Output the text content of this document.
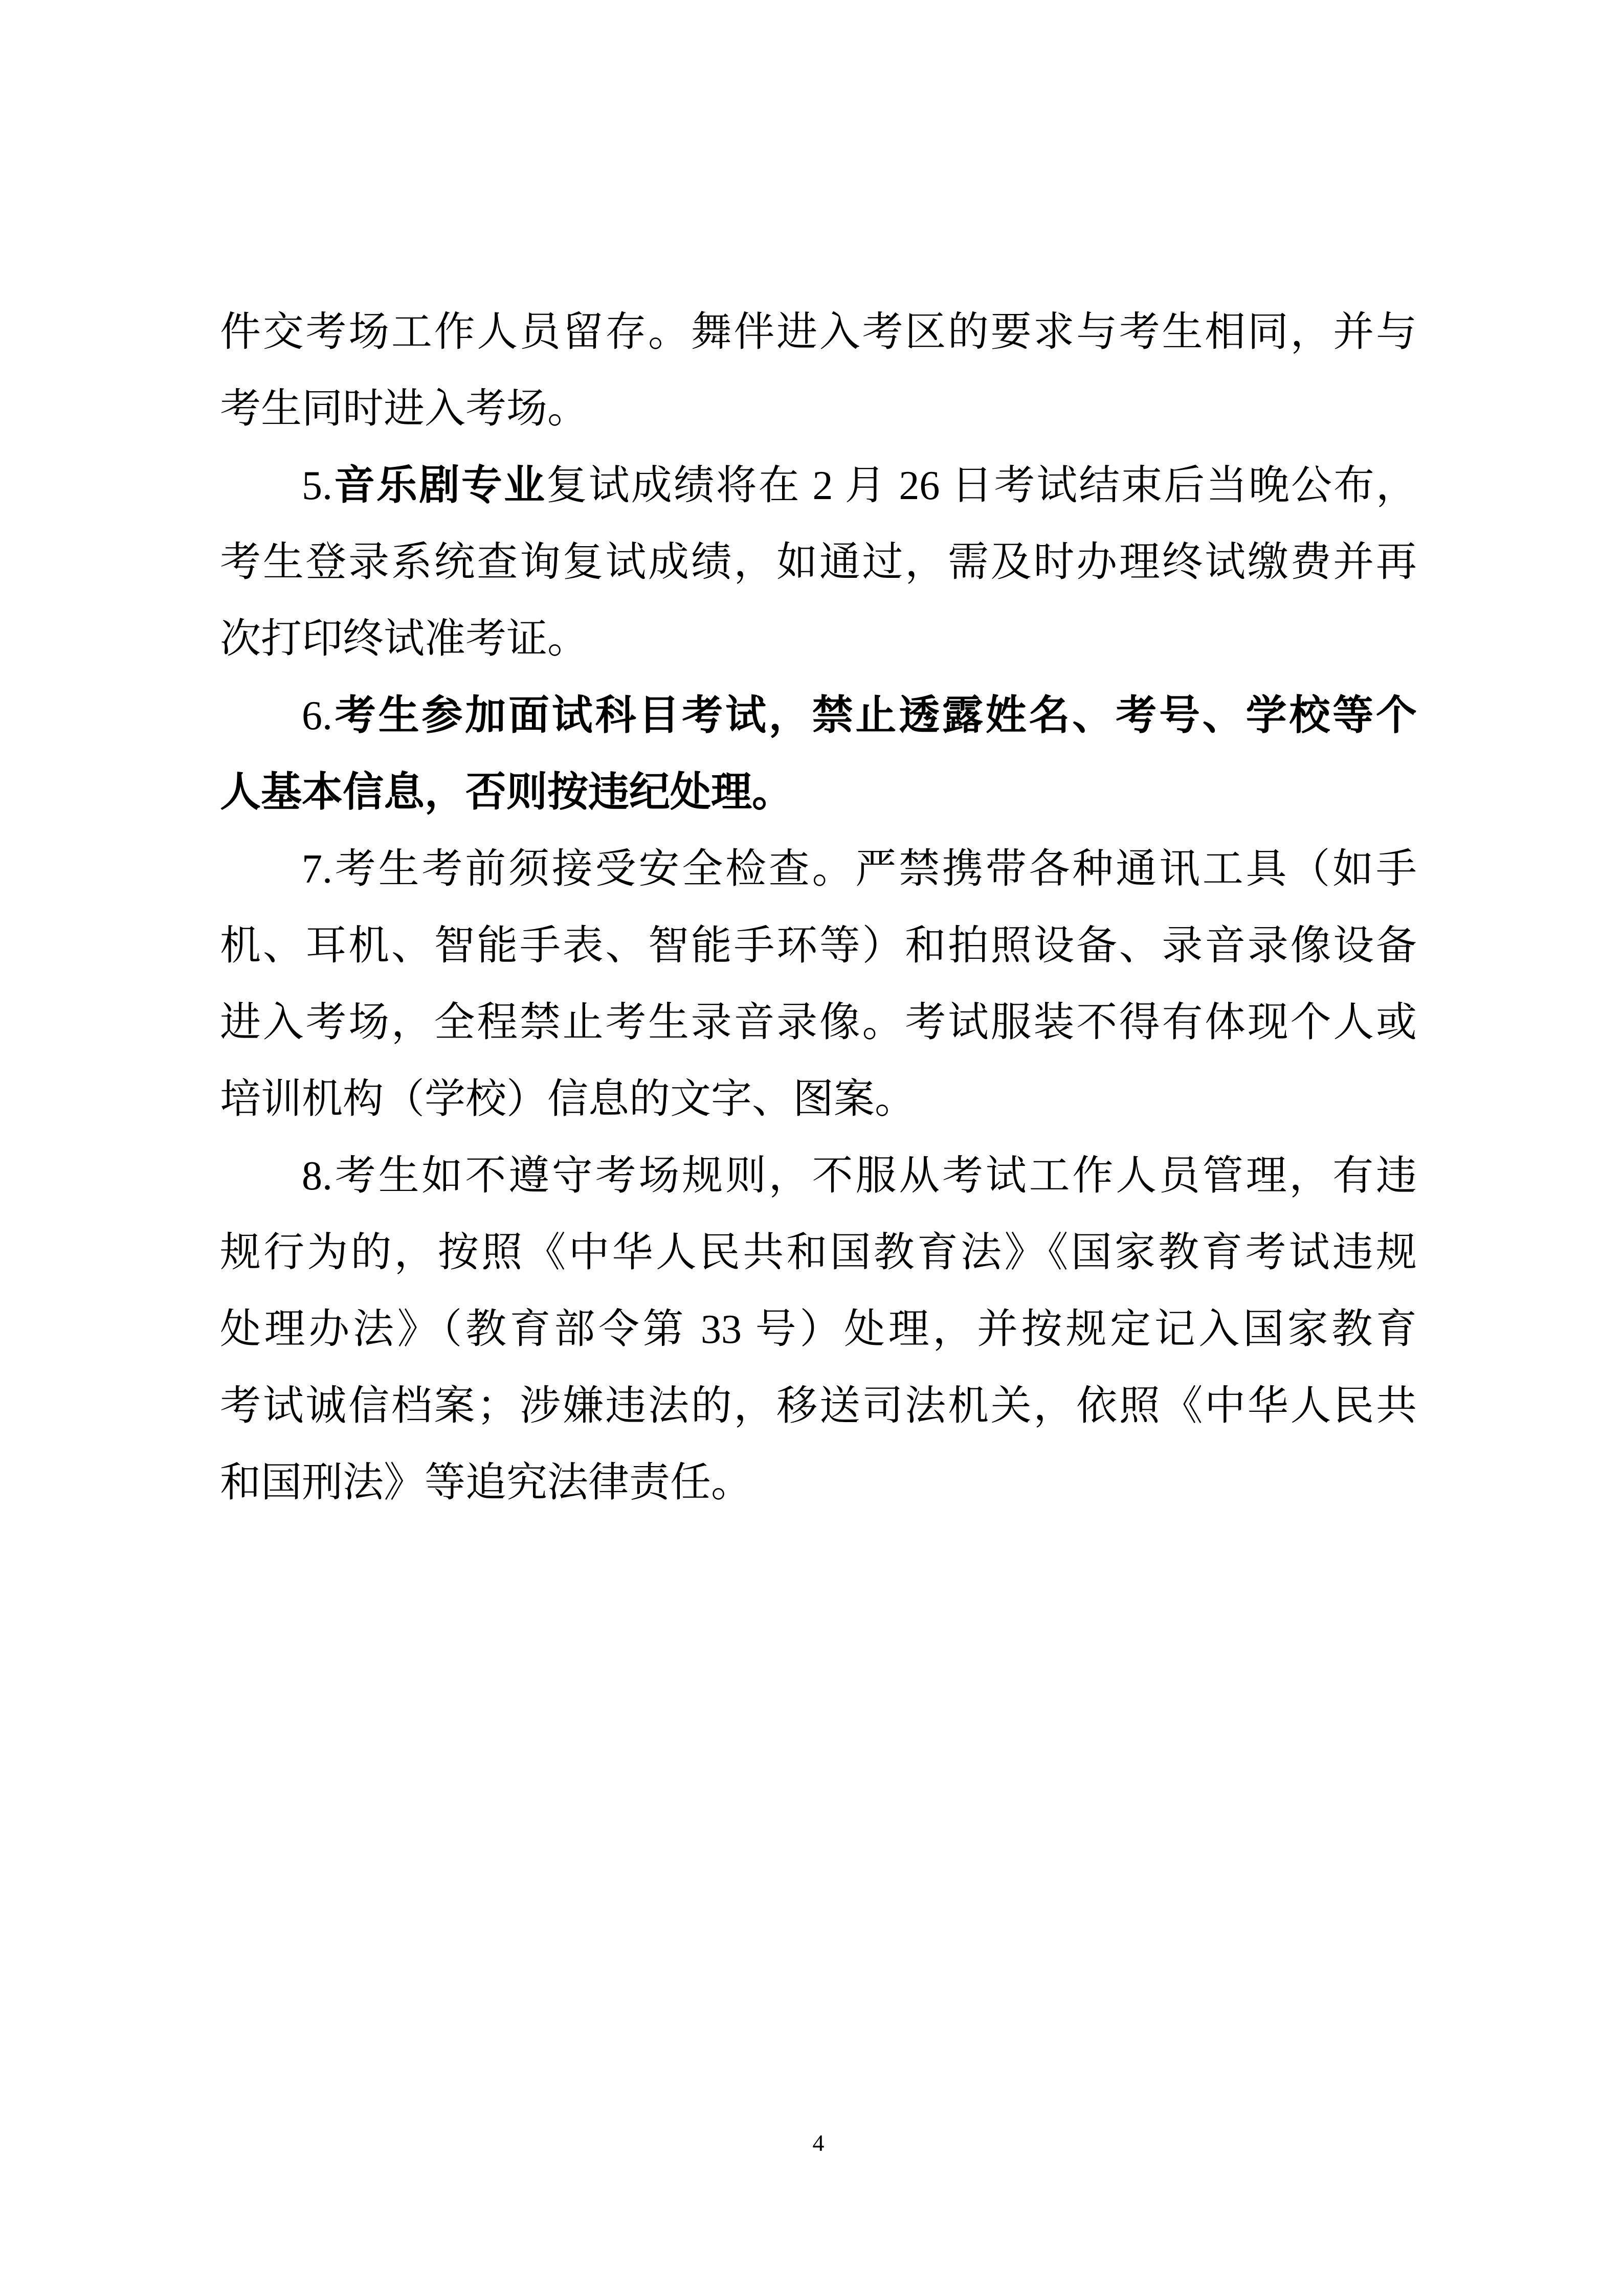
件交考场工作人员留存。舞伴进入考区的要求与考生相同，并与
考生同时进入考场。
5.音乐剧专业复试成绩将在 2 月 26 日考试结束后当晚公布，
考生登录系统查询复试成绩，如通过，需及时办理终试缴费并再
次打印终试准考证。
6.考生参加面试科目考试，禁止透露姓名、考号、学校等个
人基本信息，否则按违纪处理。
7.考生考前须接受安全检查。严禁携带各种通讯工具（如手
机、耳机、智能手表、智能手环等）和拍照设备、录音录像设备
进入考场，全程禁止考生录音录像。考试服装不得有体现个人或
培训机构（学校）信息的文字、图案。
8.考生如不遵守考场规则，不服从考试工作人员管理，有违
规行为的，按照《中华人民共和国教育法》《国家教育考试违规
处理办法》（教育部令第 33 号）处理，并按规定记入国家教育
考试诚信档案；涉嫌违法的，移送司法机关，依照《中华人民共
和国刑法》等追究法律责任。
4
